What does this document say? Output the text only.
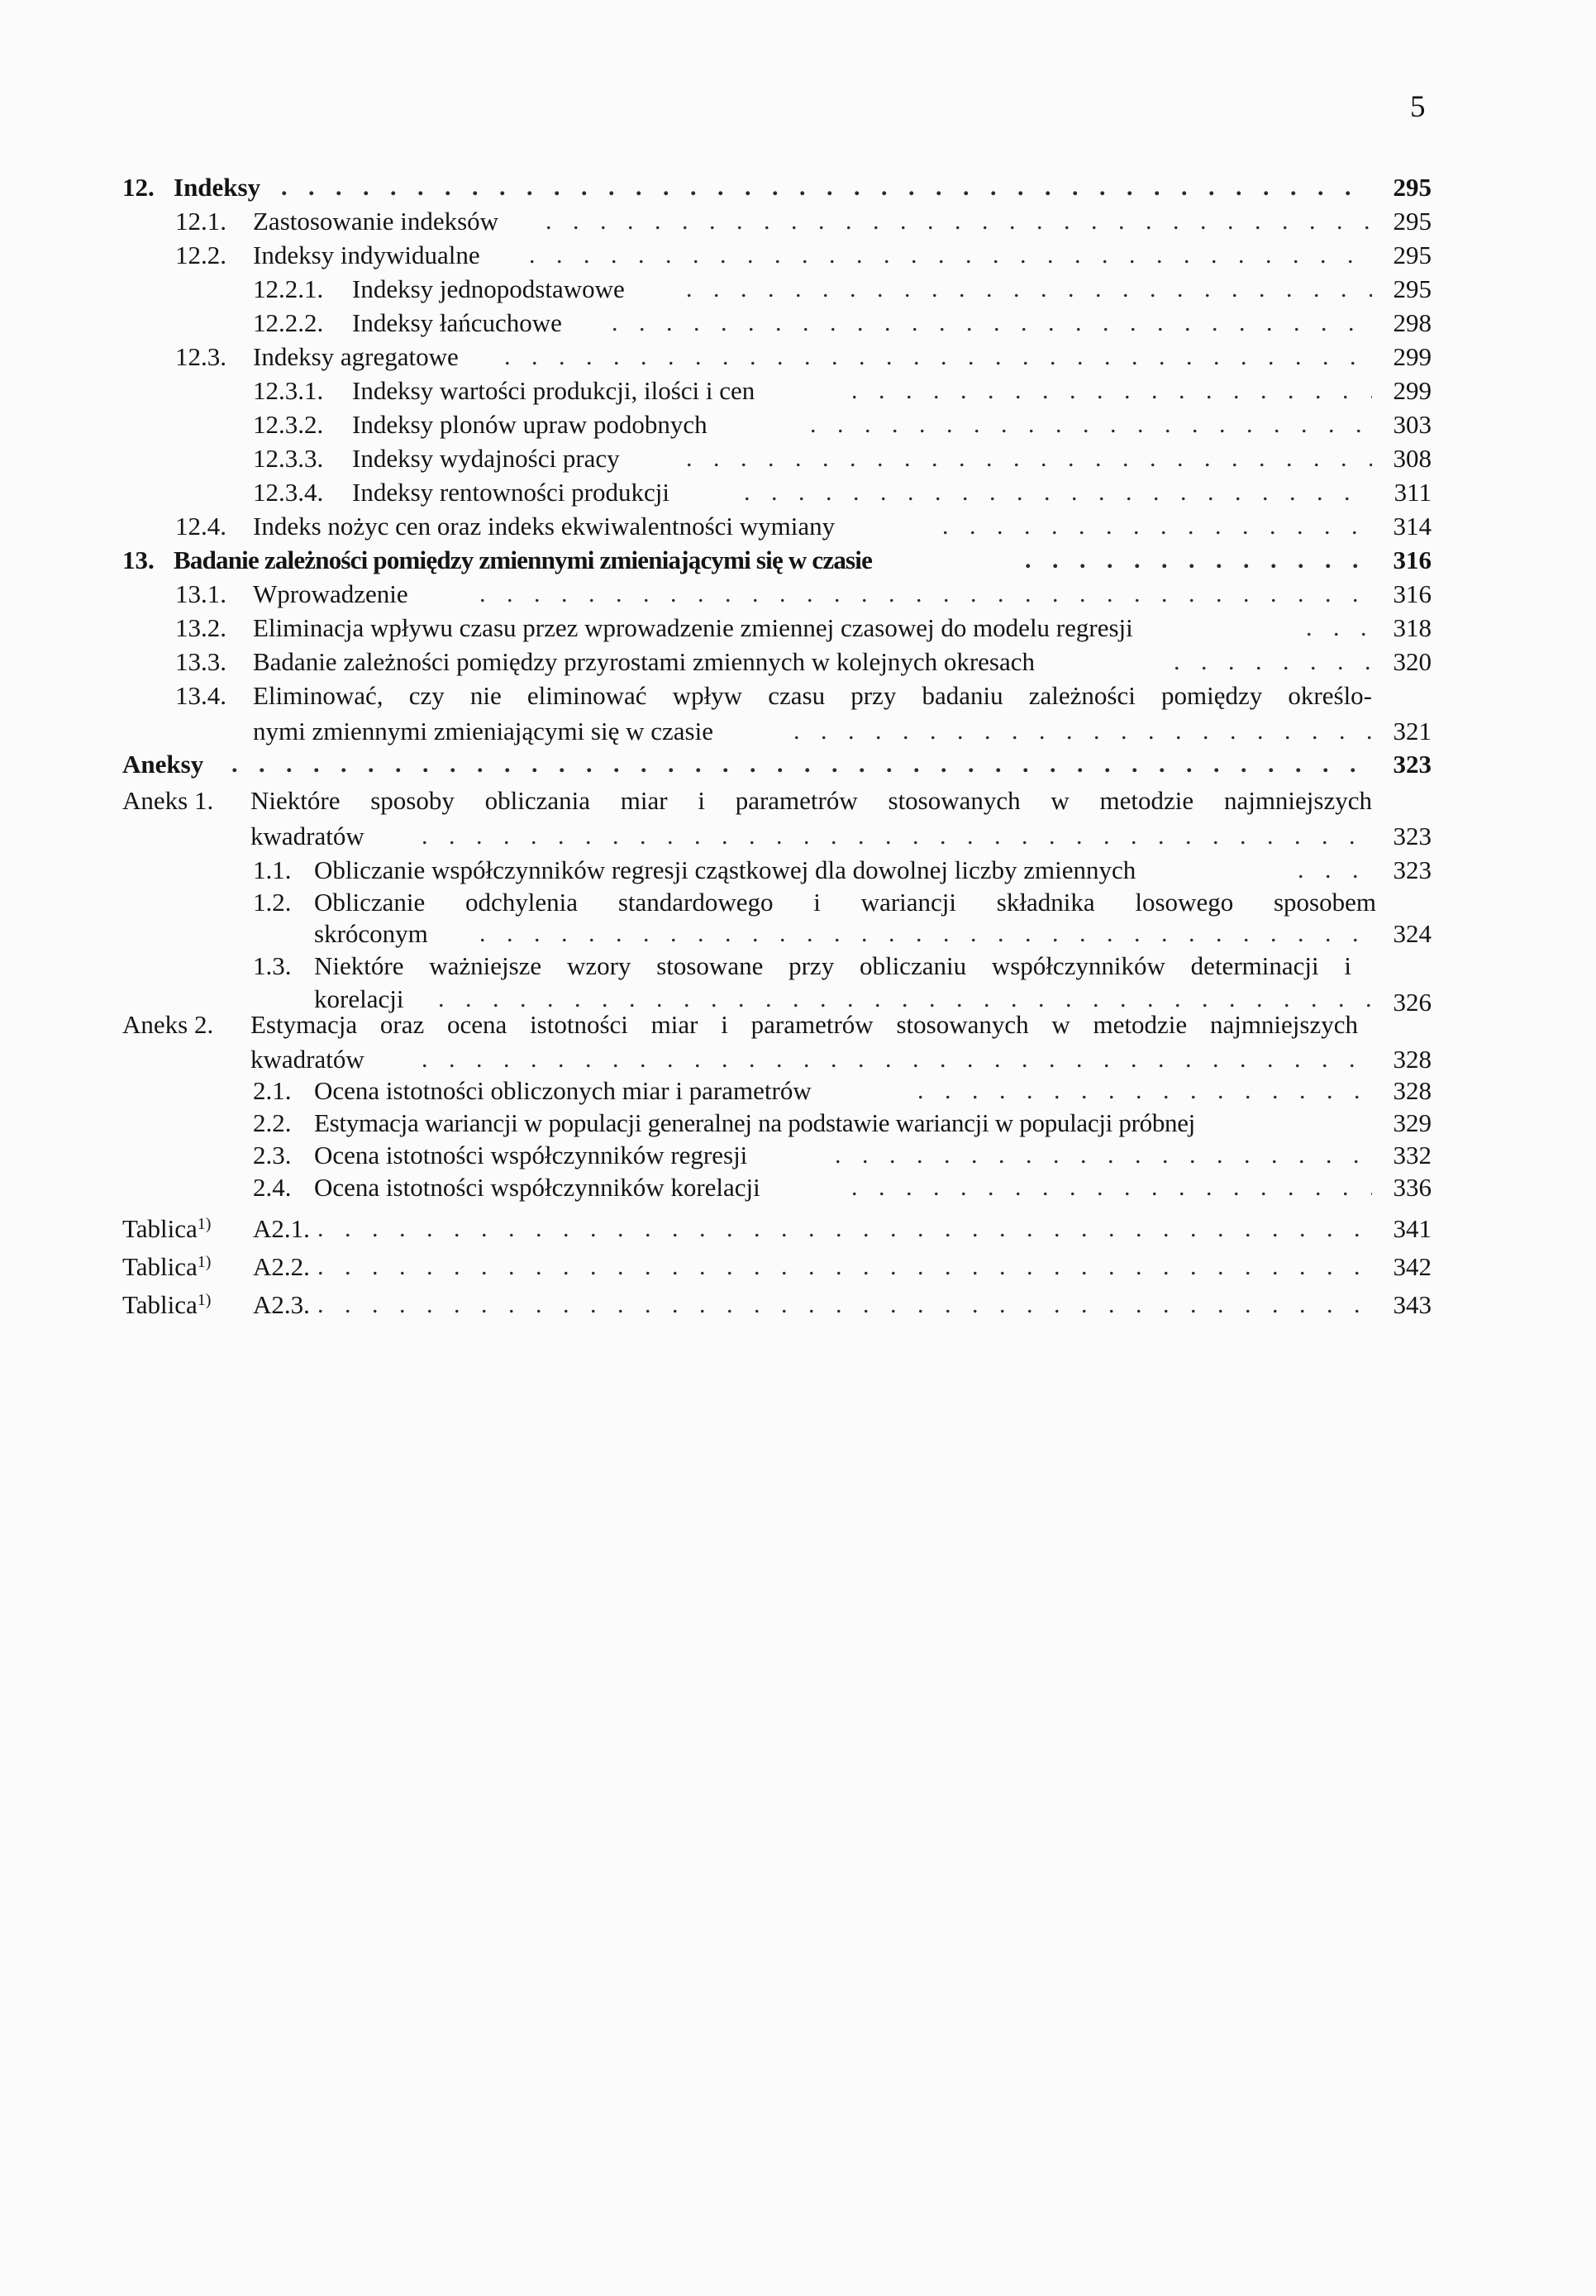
5
12. Indeksy . . .	295
12.1. Zastosowanie indeksów . . .	295
12.2. Indeksy indywidualne . . .	295
12.2.1. Indeksy jednopodstawowe . . .	295
12.2.2. Indeksy łańcuchowe . . .	298
12.3. Indeksy agregatowe . . .	299
12.3.1. Indeksy wartości produkcji, ilości i cen . . .	299
12.3.2. Indeksy plonów upraw podobnych . . .	303
12.3.3. Indeksy wydajności pracy . . .	308
12.3.4. Indeksy rentowności produkcji . . .	311
12.4. Indeks nożyc cen oraz indeks ekwiwalentności wymiany . . .	314
13. Badanie zależności pomiędzy zmiennymi zmieniającymi się w czasie . . .	316
13.1. Wprowadzenie . . .	316
13.2. Eliminacja wpływu czasu przez wprowadzenie zmiennej czasowej do modelu regresji . . .	318
13.3. Badanie zależności pomiędzy przyrostami zmiennych w kolejnych okresach . . .	320
13.4. Eliminować, czy nie eliminować wpływ czasu przy badaniu zależności pomiędzy określo-
nymi zmiennymi zmieniającymi się w czasie . . .	321
Aneksy . . .	323
Aneks 1. Niektóre sposoby obliczania miar i parametrów stosowanych w metodzie najmniejszych
kwadratów . . .	323
1.1. Obliczanie współczynników regresji cząstkowej dla dowolnej liczby zmiennych . . .	323
1.2. Obliczanie odchylenia standardowego i wariancji składnika losowego sposobem
skróconym . . .	324
1.3. Niektóre ważniejsze wzory stosowane przy obliczaniu współczynników determinacji i
korelacji . . .	326
Aneks 2. Estymacja oraz ocena istotności miar i parametrów stosowanych w metodzie najmniejszych
kwadratów . . .	328
2.1. Ocena istotności obliczonych miar i parametrów . . .	328
2.2. Estymacja wariancji w populacji generalnej na podstawie wariancji w populacji próbnej	329
2.3. Ocena istotności współczynników regresji . . .	332
2.4. Ocena istotności współczynników korelacji . . .	336
Tablica$^{1)}$ A2.1. . . .	341
Tablica$^{1)}$ A2.2. . . .	342
Tablica$^{1)}$ A2.3. . . .	343
